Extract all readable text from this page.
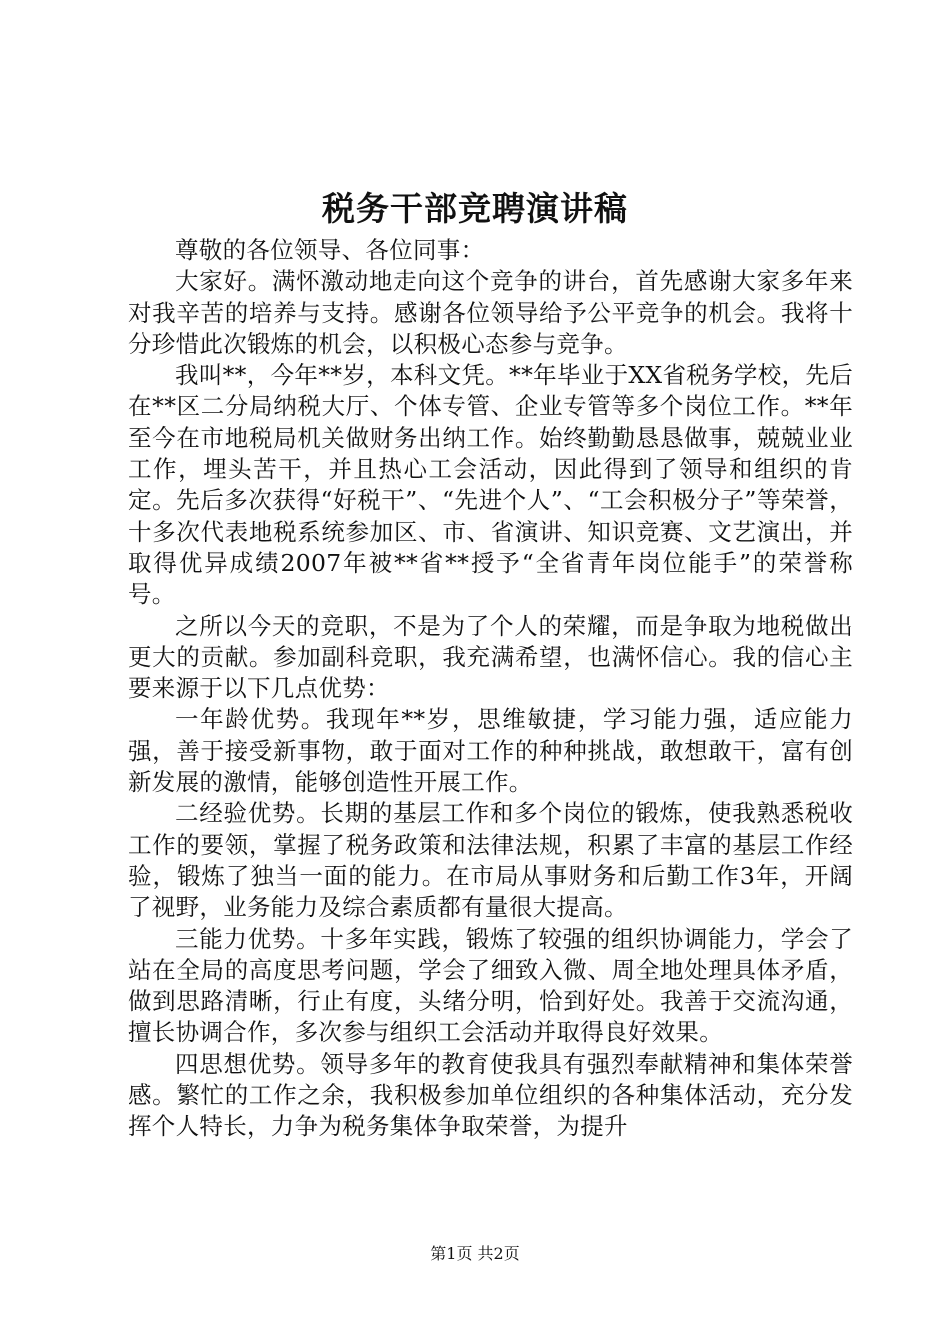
税务干部竞聘演讲稿

尊敬的各位领导、各位同事：

大家好。满怀激动地走向这个竞争的讲台，首先感谢大家多年来对我辛苦的培养与支持。感谢各位领导给予公平竞争的机会。我将十分珍惜此次锻炼的机会，以积极心态参与竞争。

我叫**，今年**岁，本科文凭。**年毕业于XX省税务学校，先后在**区二分局纳税大厅、个体专管、企业专管等多个岗位工作。**年至今在市地税局机关做财务出纳工作。始终勤勤恳恳做事，兢兢业业工作，埋头苦干，并且热心工会活动，因此得到了领导和组织的肯定。先后多次获得“好税干”、“先进个人”、“工会积极分子”等荣誉，十多次代表地税系统参加区、市、省演讲、知识竞赛、文艺演出，并取得优异成绩2007年被**省**授予“全省青年岗位能手”的荣誉称号。

之所以今天的竞职，不是为了个人的荣耀，而是争取为地税做出更大的贡献。参加副科竞职，我充满希望，也满怀信心。我的信心主要来源于以下几点优势：

一年龄优势。我现年**岁，思维敏捷，学习能力强，适应能力强，善于接受新事物，敢于面对工作的种种挑战，敢想敢干，富有创新发展的激情，能够创造性开展工作。

二经验优势。长期的基层工作和多个岗位的锻炼，使我熟悉税收工作的要领，掌握了税务政策和法律法规，积累了丰富的基层工作经验，锻炼了独当一面的能力。在市局从事财务和后勤工作3年，开阔了视野，业务能力及综合素质都有量很大提高。

三能力优势。十多年实践，锻炼了较强的组织协调能力，学会了站在全局的高度思考问题，学会了细致入微、周全地处理具体矛盾，做到思路清晰，行止有度，头绪分明，恰到好处。我善于交流沟通，擅长协调合作，多次参与组织工会活动并取得良好效果。

四思想优势。领导多年的教育使我具有强烈奉献精神和集体荣誉感。繁忙的工作之余，我积极参加单位组织的各种集体活动，充分发挥个人特长，力争为税务集体争取荣誉，为提升

第1页 共2页
